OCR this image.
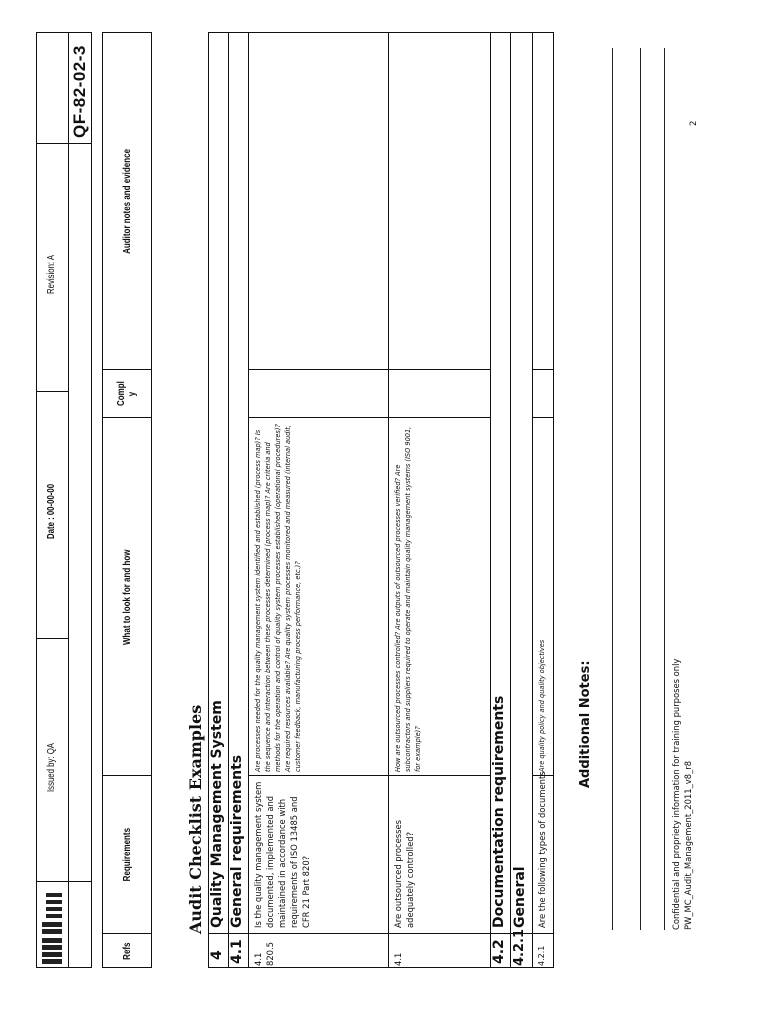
Issued by: QA
Date : 00-00-00
Revision: A
QF-82-02-3
Refs
Requirements
What to look for and how
Compl y
Auditor notes and evidence
Audit Checklist Examples
4
Quality Management System
4.1
General requirements
4.1 820.5
Is the quality management system documented, implemented and maintained in accordance with requirements of ISO 13485 and CFR 21 Part 820?
Are processes needed for the quality management system identified and established (process map)? Is the sequence and interaction between these processes determined (process map)? Are criteria and methods for the operation and control of quality system processes established (operational procedures)? Are required resources available? Are quality system processes monitored and measured (internal audit, customer feedback, manufacturing process performance, etc.)?
4.1
Are outsourced processes adequately controlled?
How are outsourced processes controlled? Are outputs of outsourced processes verified? Are subcontractors and suppliers required to operate and maintain quality management systems (ISO 9001, for example)?
4.2
Documentation requirements
4.2.1
General
4.2.1
Are the following types of documents
Are quality policy and quality objectives Additional Notes:	Confidential and propriety information for training purposes only PW_MC_Audit_Management_2011_v8_r8
2
